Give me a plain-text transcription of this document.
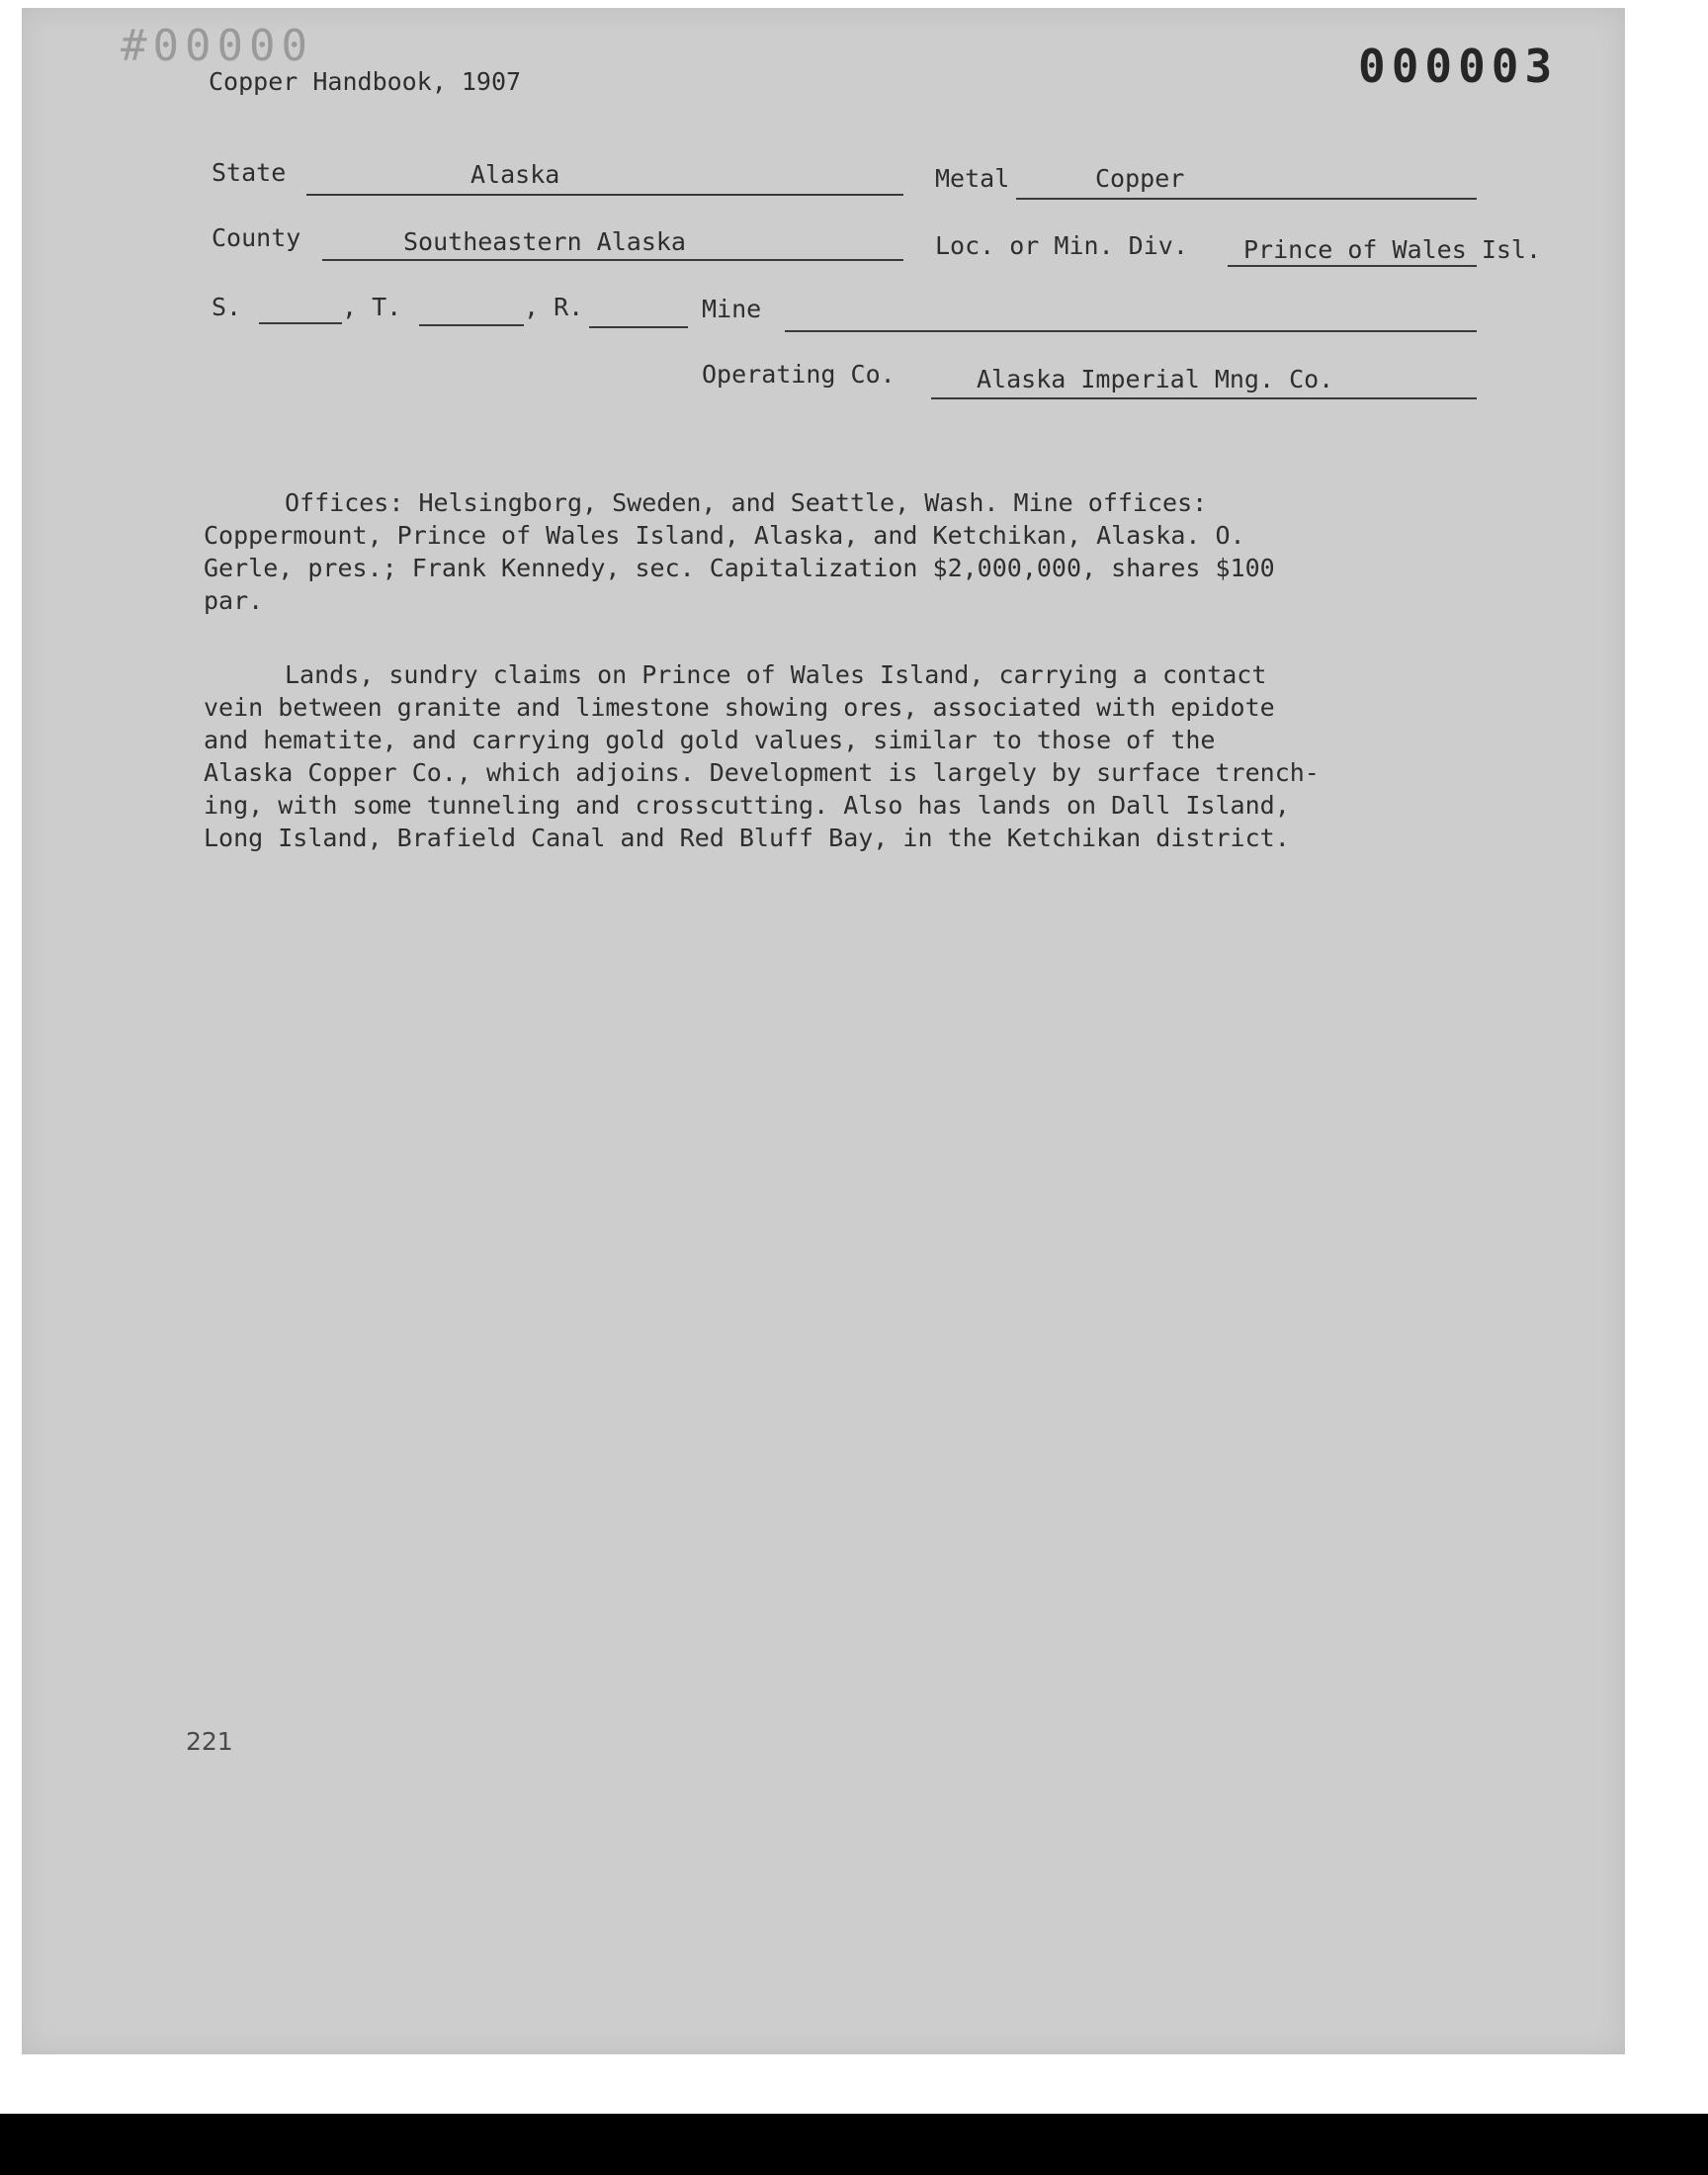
#00000
Copper Handbook, 1907	000003
State	Alaska	Metal	Copper
County	Southeastern Alaska	Loc. or Min. Div. Prince of Wales Isl.
S.	, T.	, R.	Mine
Operating Co.	Alaska Imperial Mng. Co.

Offices: Helsingborg, Sweden, and Seattle, Wash. Mine offices:
Coppermount, Prince of Wales Island, Alaska, and Ketchikan, Alaska. O.
Gerle, pres.; Frank Kennedy, sec. Capitalization $2,000,000, shares $100
par.

Lands, sundry claims on Prince of Wales Island, carrying a contact
vein between granite and limestone showing ores, associated with epidote
and hematite, and carrying gold gold values, similar to those of the
Alaska Copper Co., which adjoins. Development is largely by surface trench-
ing, with some tunneling and crosscutting. Also has lands on Dall Island,
Long Island, Brafield Canal and Red Bluff Bay, in the Ketchikan district.

221
